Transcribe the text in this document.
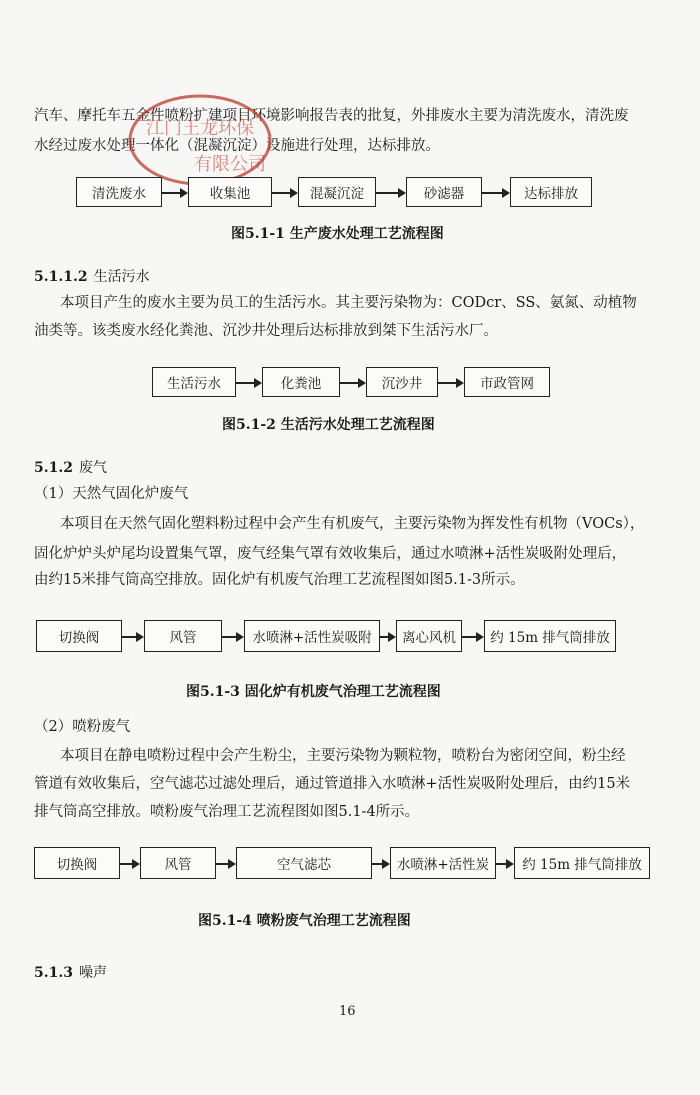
汽车、摩托车五金件喷粉扩建项目环境影响报告表的批复，外排废水主要为清洗废水，清洗废
水经过废水处理一体化（混凝沉淀）设施进行处理，达标排放。
江门王龙环保
有限公司
清洗废水	收集池	混凝沉淀	砂滤器	达标排放
图5.1-1 生产废水处理工艺流程图
5.1.1.2 生活污水
本项目产生的废水主要为员工的生活污水。其主要污染物为：CODcr、SS、氨氮、动植物
油类等。该类废水经化粪池、沉沙井处理后达标排放到桀下生活污水厂。
生活污水	化粪池	沉沙井	市政管网
图5.1-2 生活污水处理工艺流程图
5.1.2 废气
（1）天然气固化炉废气
本项目在天然气固化塑料粉过程中会产生有机废气，主要污染物为挥发性有机物（VOCs），
固化炉炉头炉尾均设置集气罩，废气经集气罩有效收集后，通过水喷淋+活性炭吸附处理后，
由约15米排气筒高空排放。固化炉有机废气治理工艺流程图如图5.1-3所示。
切换阀	风管	水喷淋+活性炭吸附	离心风机	约 15m 排气筒排放
图5.1-3 固化炉有机废气治理工艺流程图
（2）喷粉废气
本项目在静电喷粉过程中会产生粉尘，主要污染物为颗粒物，喷粉台为密闭空间，粉尘经
管道有效收集后，空气滤芯过滤处理后，通过管道排入水喷淋+活性炭吸附处理后，由约15米
排气筒高空排放。喷粉废气治理工艺流程图如图5.1-4所示。
切换阀	风管	空气滤芯	水喷淋+活性炭	约 15m 排气筒排放
图5.1-4 喷粉废气治理工艺流程图
5.1.3 噪声
16
